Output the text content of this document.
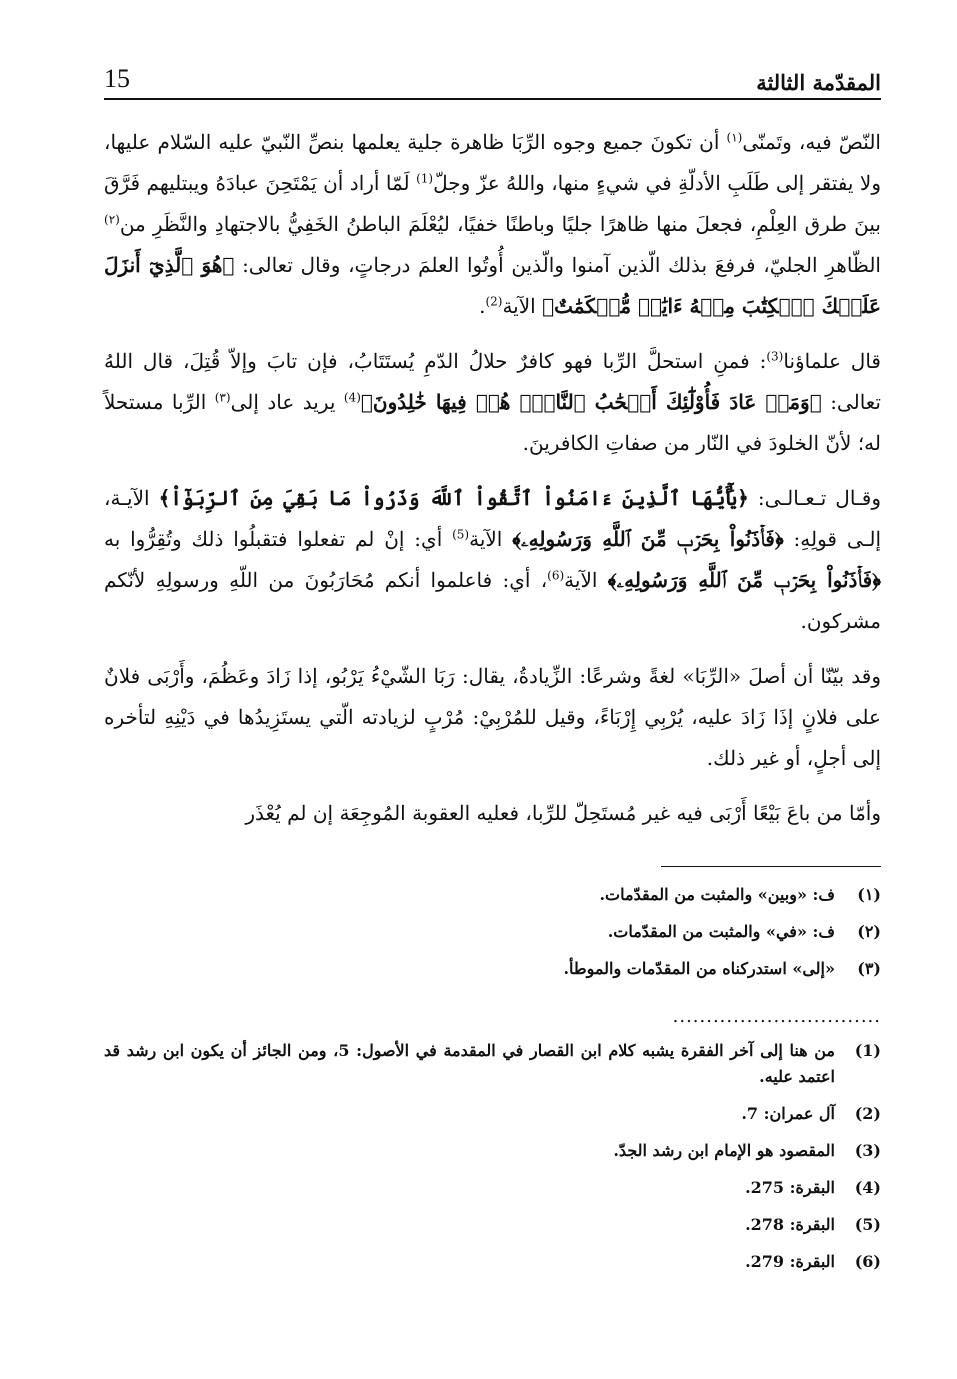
المقدّمة الثالثة
15

النّصّ فيه، وتَمنّى$^{(١)}$ أن تكونَ جميع وجوه الرِّبَا ظاهرة جلية يعلمها بنصِّ النّبيّ عليه السّلام عليها، ولا يفتقر إلى طَلَبِ الأدلّةِ في شيءٍ منها، واللهُ عزّ وجلّ$^{(1)}$ لَمّا أراد أن يَمْتَحِنَ عبادَهُ ويبتليهم فَرَّقَ بينَ طرق العِلْمِ، فجعلَ منها ظاهرًا جليًا وباطنًا خفيًا، ليُعْلَمَ الباطنُ الخَفِيُّ بالاجتهادِ والنَّظَرِ من$^{(٢)}$ الظّاهرِ الجليّ، فرفعَ بذلك الّذين آمنوا والّذين أُوتُوا العلمَ درجاتٍ، وقال تعالى: ﴿هُوَ ٱلَّذِيٓ أَنزَلَ عَلَيۡكَ ٱلۡكِتَٰبَ مِنۡهُ ءَايَٰتٞ مُّحۡكَمَٰتٌ﴾ الآية$^{(2)}$.

قال علماؤنا$^{(3)}$: فمنِ استحلَّ الرِّبا فهو كافرٌ حلالُ الدّمِ يُستَتَابُ، فإن تابَ وإلاّ قُتِلَ، قال اللهُ تعالى: ﴿وَمَنۡ عَادَ فَأُوْلَٰٓئِكَ أَصۡحَٰبُ ٱلنَّارِۖ هُمۡ فِيهَا خَٰلِدُونَ﴾$^{(4)}$ يريد عاد إلى$^{(٣)}$ الرِّبا مستحلاً له؛ لأنّ الخلودَ في النّار من صفاتِ الكافرينَ.

وقـال تـعـالـى: ﴿يَٰٓأَيُّهَا ٱلَّذِينَ ءَامَنُواْ ٱتَّقُواْ ٱللَّهَ وَذَرُواْ مَا بَقِيَ مِنَ ٱلرِّبَوٰٓاْ﴾ الآيـة، إلـى قولِهِ: ﴿فَأۡذَنُواْ بِحَرۡبٖ مِّنَ ٱللَّهِ وَرَسُولِهِۦ﴾ الآية$^{(5)}$ أي: إنْ لم تفعلوا فتقبلُوا ذلك وتُقِرُّوا به ﴿فَأۡذَنُواْ بِحَرۡبٖ مِّنَ ٱللَّهِ وَرَسُولِهِۦ﴾ الآية$^{(6)}$، أي: فاعلموا أنكم مُحَارَبُونَ من اللّهِ ورسولِهِ لأنّكم مشركون.

وقد بيّنّا أن أصلَ «الرِّبَا» لغةً وشرعًا: الزِّيادةُ، يقال: رَبَا الشّيْءُ يَرْبُو، إذا زَادَ وعَظُمَ، وأَرْبَى فلانٌ على فلانٍ إذَا زَادَ عليه، يُرْبِي إِرْبَاءً، وقيل للمُرْبِيْ: مُرْبٍ لزيادته الّتي يستَزِيدُها في دَيْنِهِ لتأخره إلى أجلٍ، أو غير ذلك.

وأمّا من باعَ بَيْعًا أَرْبَى فيه غير مُستَحِلّ للرِّبا، فعليه العقوبة المُوجِعَة إن لم يُعْذَر

(١)
ف: «وبين» والمثبت من المقدّمات.
(٢)
ف: «في» والمثبت من المقدّمات.
(٣)
«إلى» استدركناه من المقدّمات والموطأ.
...............................
(1)
من هنا إلى آخر الفقرة يشبه كلام ابن القصار في المقدمة في الأصول: 5، ومن الجائز أن يكون ابن رشد قد اعتمد عليه.
(2)
آل عمران: 7.
(3)
المقصود هو الإمام ابن رشد الجدّ.
(4)
البقرة: 275.
(5)
البقرة: 278.
(6)
البقرة: 279.
